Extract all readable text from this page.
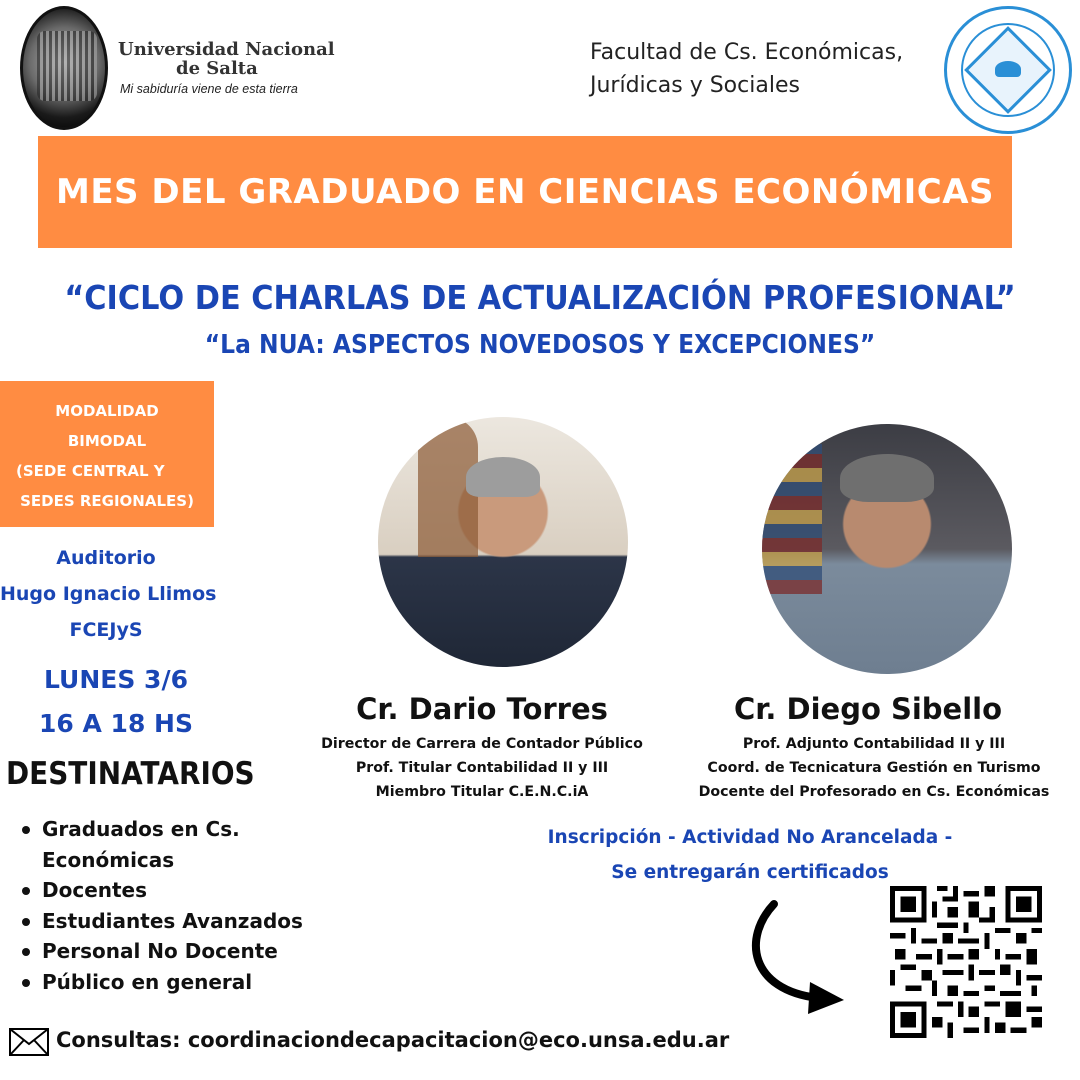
Universidad Nacional
de Salta
Mi sabiduría viene de esta tierra
Facultad de Cs. Económicas,
Jurídicas y Sociales
MES DEL GRADUADO EN CIENCIAS ECONÓMICAS
“CICLO DE CHARLAS DE ACTUALIZACIÓN PROFESIONAL”
“La NUA: ASPECTOS NOVEDOSOS Y EXCEPCIONES”
MODALIDAD
BIMODAL
(SEDE CENTRAL Y
SEDES REGIONALES)
Auditorio
Hugo Ignacio Llimos
FCEJyS
LUNES 3/6
16 A 18 HS
DESTINATARIOS
Graduados en Cs.
Económicas
Docentes
Estudiantes Avanzados
Personal No Docente
Público en general
Cr. Dario Torres
Director de Carrera de Contador Público
Prof. Titular Contabilidad II y III
Miembro Titular C.E.N.C.iA
Cr. Diego Sibello
Prof. Adjunto Contabilidad II y III
Coord. de Tecnicatura Gestión en Turismo
Docente del Profesorado en Cs. Económicas
Inscripción - Actividad No Arancelada -
Se entregarán certificados
Consultas: coordinaciondecapacitacion@eco.unsa.edu.ar
